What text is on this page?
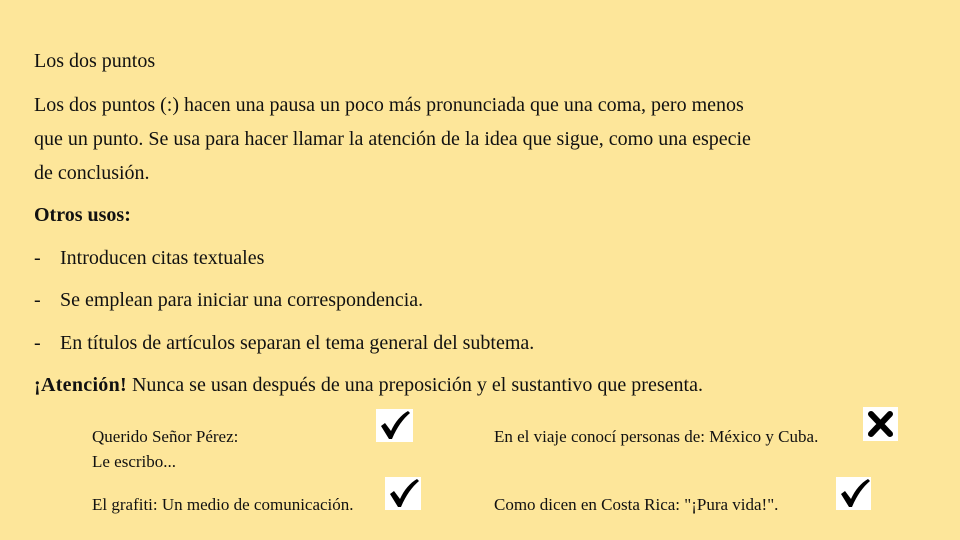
Los dos puntos

Los dos puntos (:) hacen una pausa un poco más pronunciada que una coma, pero menos
que un punto. Se usa para hacer llamar la atención de la idea que sigue, como una especie
de conclusión.

Otros usos:
- Introducen citas textuales
- Se emplean para iniciar una correspondencia.
- En títulos de artículos separan el tema general del subtema.
¡Atención! Nunca se usan después de una preposición y el sustantivo que presenta.
Querido Señor Pérez:
Le escribo...
El grafiti: Un medio de comunicación.
En el viaje conocí personas de: México y Cuba.
Como dicen en Costa Rica: "¡Pura vida!".
